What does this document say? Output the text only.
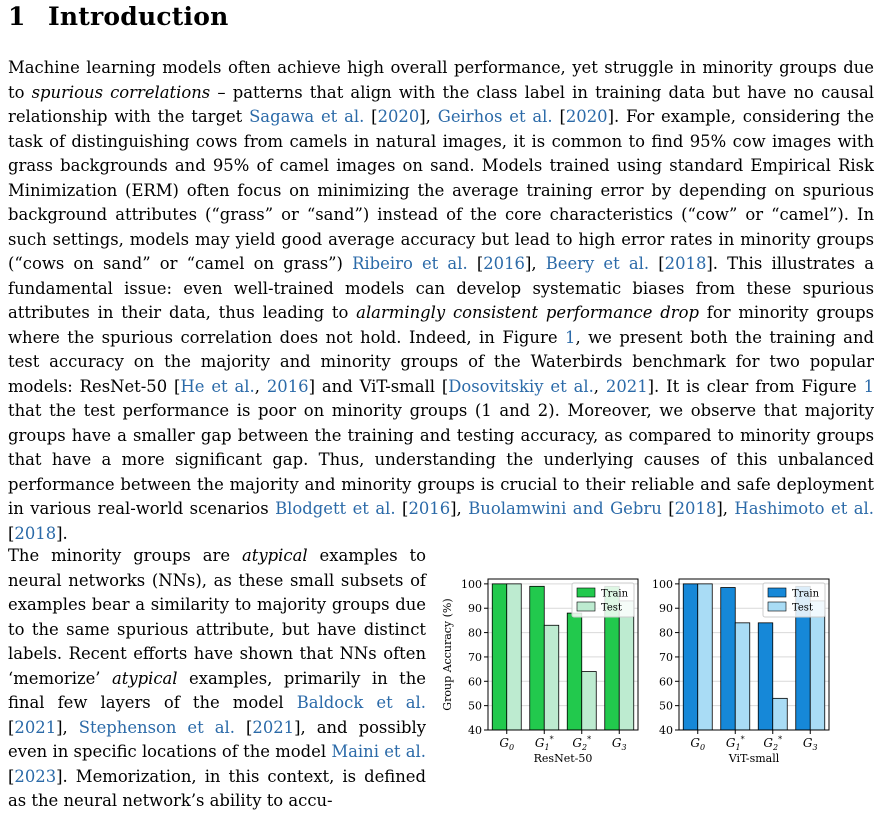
1 Introduction
Machine learning models often achieve high overall performance, yet struggle in minority groups due to spurious correlations – patterns that align with the class label in training data but have no causal relationship with the target Sagawa et al. [2020], Geirhos et al. [2020]. For example, considering the task of distinguishing cows from camels in natural images, it is common to find 95% cow images with grass backgrounds and 95% of camel images on sand. Models trained using standard Empirical Risk Minimization (ERM) often focus on minimizing the average training error by depending on spurious background attributes (“grass” or “sand”) instead of the core characteristics (“cow” or “camel”). In such settings, models may yield good average accuracy but lead to high error rates in minority groups (“cows on sand” or “camel on grass”) Ribeiro et al. [2016], Beery et al. [2018]. This illustrates a fundamental issue: even well-trained models can develop systematic biases from these spurious attributes in their data, thus leading to alarmingly consistent performance drop for minority groups where the spurious correlation does not hold. Indeed, in Figure 1, we present both the training and test accuracy on the majority and minority groups of the Waterbirds benchmark for two popular models: ResNet-50 [He et al., 2016] and ViT-small [Dosovitskiy et al., 2021]. It is clear from Figure 1 that the test performance is poor on minority groups (1 and 2). Moreover, we observe that majority groups have a smaller gap between the training and testing accuracy, as compared to minority groups that have a more significant gap. Thus, understanding the underlying causes of this unbalanced performance between the majority and minority groups is crucial to their reliable and safe deployment in various real-world scenarios Blodgett et al. [2016], Buolamwini and Gebru [2018], Hashimoto et al. [2018].
The minority groups are atypical examples to neural networks (NNs), as these small subsets of examples bear a similarity to majority groups due to the same spurious attribute, but have distinct labels. Recent efforts have shown that NNs often ‘memorize’ atypical examples, primarily in the final few layers of the model Baldock et al. [2021], Stephenson et al. [2021], and possibly even in specific locations of the model Maini et al. [2023]. Memorization, in this context, is defined as the neural network’s ability to accu-
40
50
60
70
80
90
100
$G_0$ $G_1^*$ $G_2^*$ $G_3$
Train
Test
ResNet-50
Group Accuracy (%)
40
50
60
70
80
90
100
$G_0$ $G_1^*$ $G_2^*$ $G_3$
Train
Test
ViT-small
